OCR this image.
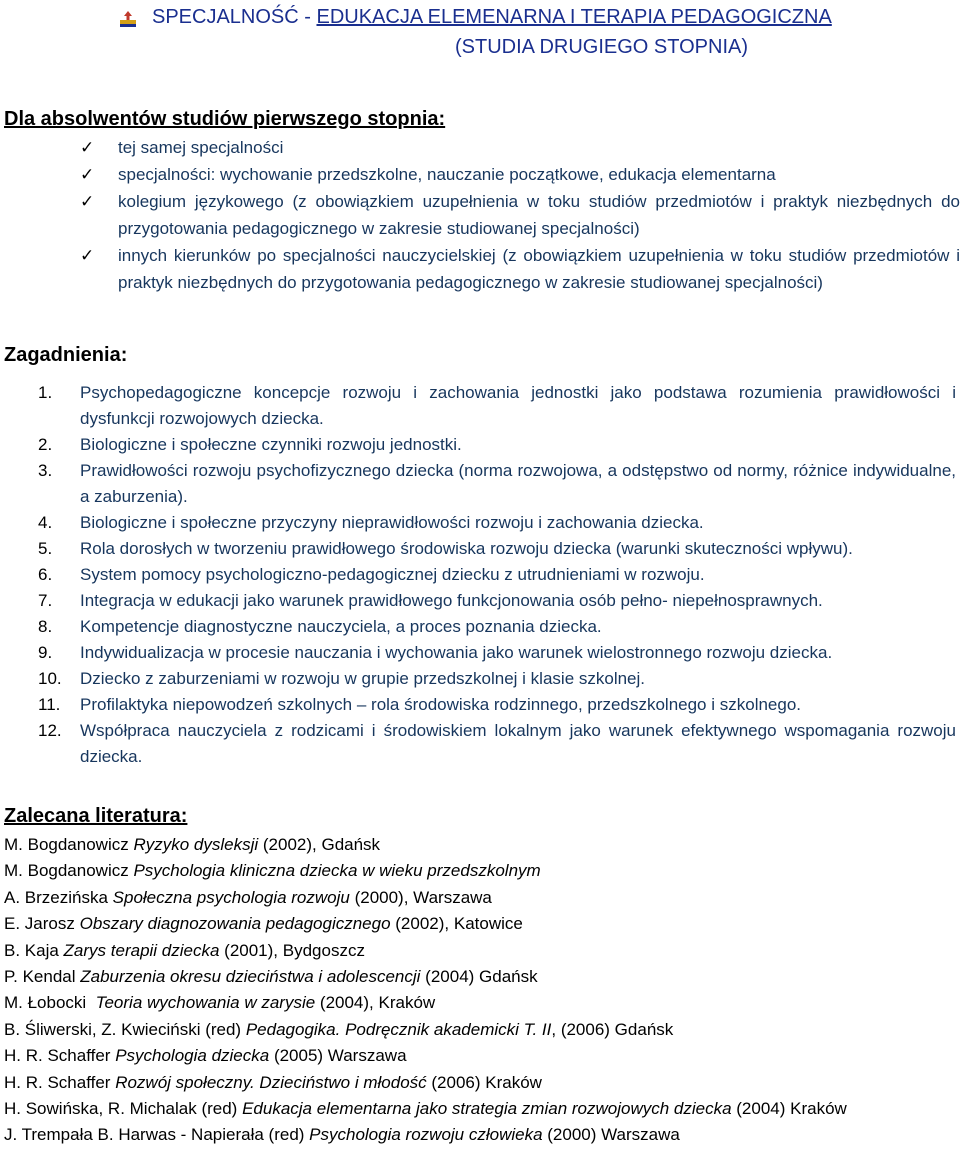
SPECJALNOŚĆ - EDUKACJA ELEMENARNA I TERAPIA PEDAGOGICZNA
(STUDIA DRUGIEGO STOPNIA)
Dla absolwentów studiów pierwszego stopnia:
✓ tej samej specjalności
✓ specjalności: wychowanie przedszkolne, nauczanie początkowe, edukacja elementarna
✓ kolegium językowego (z obowiązkiem uzupełnienia w toku studiów przedmiotów i praktyk niezbędnych do przygotowania pedagogicznego w zakresie studiowanej specjalności)
✓ innych kierunków po specjalności nauczycielskiej (z obowiązkiem uzupełnienia w toku studiów przedmiotów i praktyk niezbędnych do przygotowania pedagogicznego w zakresie studiowanej specjalności)
Zagadnienia:
1.	Psychopedagogiczne koncepcje rozwoju i zachowania jednostki jako podstawa rozumienia prawidłowości i dysfunkcji rozwojowych dziecka.
2.	Biologiczne i społeczne czynniki rozwoju jednostki.
3.	Prawidłowości rozwoju psychofizycznego dziecka (norma rozwojowa, a odstępstwo od normy, różnice indywidualne, a zaburzenia).
4.	Biologiczne i społeczne przyczyny nieprawidłowości rozwoju i zachowania dziecka.
5.	Rola dorosłych w tworzeniu prawidłowego środowiska rozwoju dziecka (warunki skuteczności wpływu).
6.	System pomocy psychologiczno-pedagogicznej dziecku z utrudnieniami w rozwoju.
7.	Integracja w edukacji jako warunek prawidłowego funkcjonowania osób pełno- niepełnosprawnych.
8.	Kompetencje diagnostyczne nauczyciela, a proces poznania dziecka.
9.	Indywidualizacja w procesie nauczania i wychowania jako warunek wielostronnego rozwoju dziecka.
10.	Dziecko z zaburzeniami w rozwoju w grupie przedszkolnej i klasie szkolnej.
11.	Profilaktyka niepowodzeń szkolnych – rola środowiska rodzinnego, przedszkolnego i szkolnego.
12.	Współpraca nauczyciela z rodzicami i środowiskiem lokalnym jako warunek efektywnego wspomagania rozwoju dziecka.
Zalecana literatura:
M. Bogdanowicz Ryzyko dysleksji (2002), Gdańsk
M. Bogdanowicz Psychologia kliniczna dziecka w wieku przedszkolnym
A. Brzezińska Społeczna psychologia rozwoju (2000), Warszawa
E. Jarosz Obszary diagnozowania pedagogicznego (2002), Katowice
B. Kaja Zarys terapii dziecka (2001), Bydgoszcz
P. Kendal Zaburzenia okresu dzieciństwa i adolescencji (2004) Gdańsk
M. Łobocki  Teoria wychowania w zarysie (2004), Kraków
B. Śliwerski, Z. Kwieciński (red) Pedagogika. Podręcznik akademicki T. II, (2006) Gdańsk
H. R. Schaffer Psychologia dziecka (2005) Warszawa
H. R. Schaffer Rozwój społeczny. Dzieciństwo i młodość (2006) Kraków
H. Sowińska, R. Michalak (red) Edukacja elementarna jako strategia zmian rozwojowych dziecka (2004) Kraków
J. Trempała B. Harwas - Napierała (red) Psychologia rozwoju człowieka (2000) Warszawa
